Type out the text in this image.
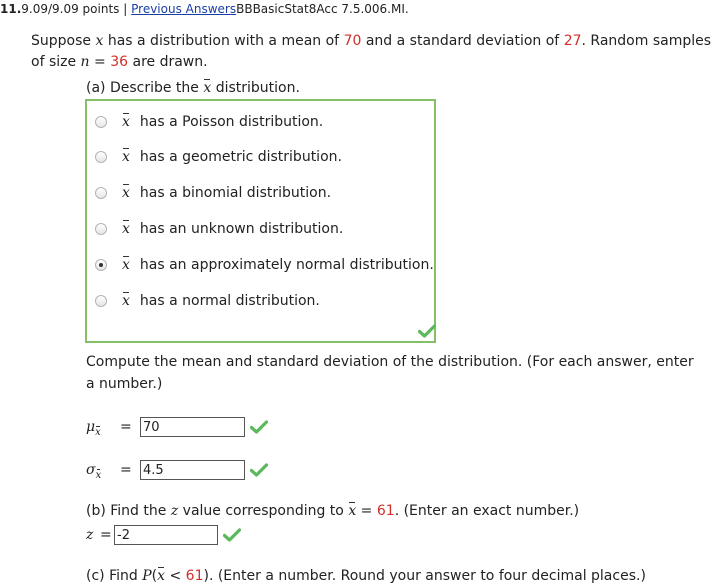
11.9.09/9.09 points | Previous AnswersBBBasicStat8Acc 7.5.006.MI.
Suppose x has a distribution with a mean of 70 and a standard deviation of 27. Random samples of size n = 36 are drawn.
(a) Describe the x distribution.
x has a Poisson distribution.
x has a geometric distribution.
x has a binomial distribution.
x has an unknown distribution.
x has an approximately normal distribution.
x has a normal distribution.
Compute the mean and standard deviation of the distribution. (For each answer, enter a number.)
$\mu_x$	=
70
$\sigma_x$	=
4.5
(b) Find the z value corresponding to x = 61. (Enter an exact number.)
z =
-2
(c) Find P(x < 61). (Enter a number. Round your answer to four decimal places.)
